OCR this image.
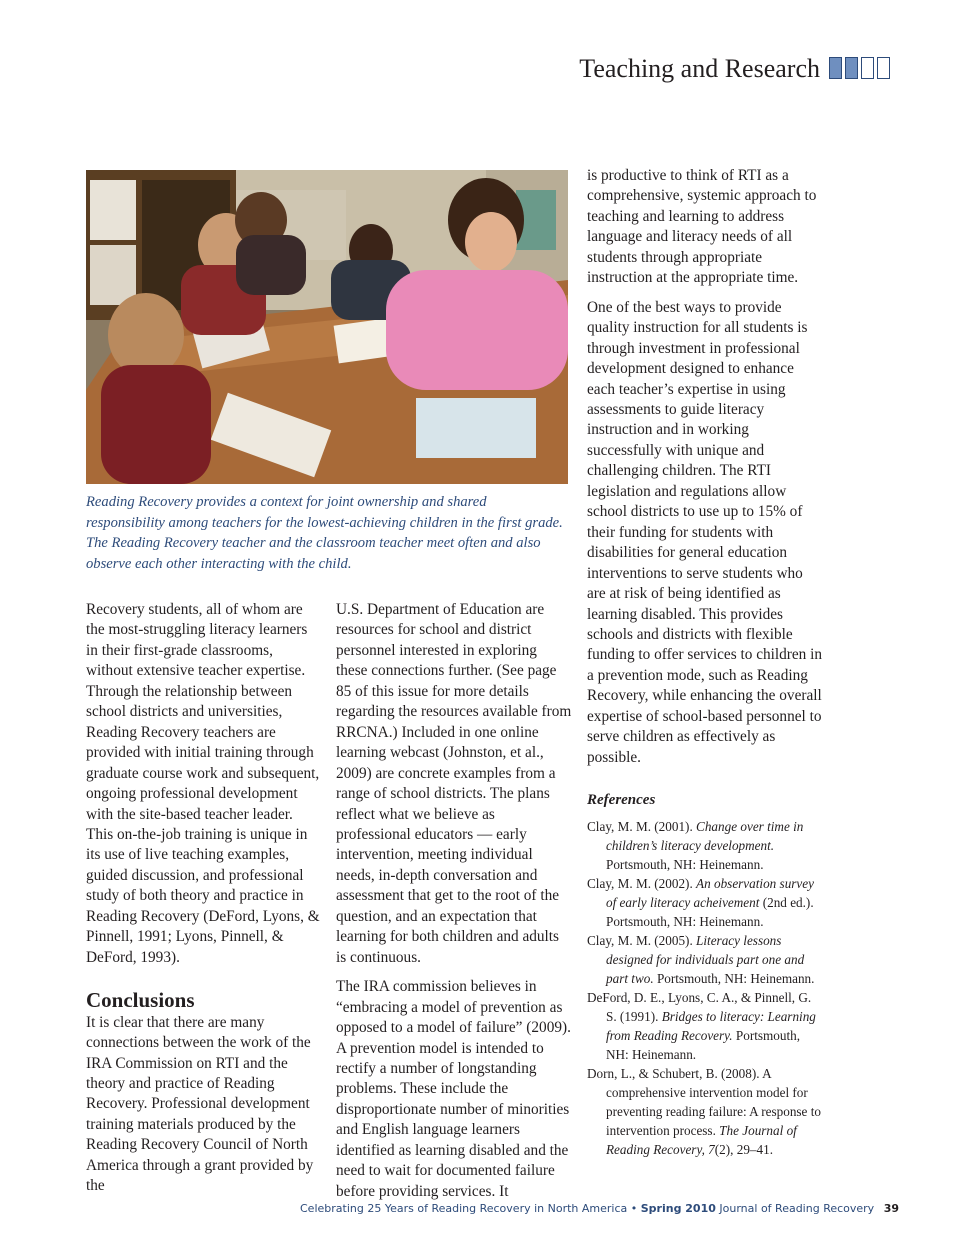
Teaching and Research
Reading Recovery provides a context for joint ownership and shared responsibility among teachers for the lowest-achieving children in the first grade. The Reading Recovery teacher and the classroom teacher meet often and also observe each other interacting with the child.

Recovery students, all of whom are the most-struggling literacy learners in their first-grade classrooms, without extensive teacher expertise. Through the relationship between school districts and universities, Reading Recovery teachers are provided with initial training through graduate course work and subsequent, ongoing professional development with the site-based teacher leader. This on-the-job training is unique in its use of live teaching examples, guided discussion, and professional study of both theory and practice in Reading Recovery (DeFord, Lyons, & Pinnell, 1991; Lyons, Pinnell, & DeFord, 1993).

Conclusions

It is clear that there are many connections between the work of the IRA Commission on RTI and the theory and practice of Reading Recovery. Professional development training materials produced by the Reading Recovery Council of North America through a grant provided by the

U.S. Department of Education are resources for school and district personnel interested in exploring these connections further. (See page 85 of this issue for more details regarding the resources available from RRCNA.) Included in one online learning webcast (Johnston, et al., 2009) are concrete examples from a range of school districts. The plans reflect what we believe as professional educators — early intervention, meeting individual needs, in-depth conversation and assessment that get to the root of the question, and an expectation that learning for both children and adults is continuous.

The IRA commission believes in “embracing a model of prevention as opposed to a model of failure” (2009). A prevention model is intended to rectify a number of longstanding problems. These include the disproportionate number of minorities and English language learners identified as learning disabled and the need to wait for documented failure before providing services. It

is productive to think of RTI as a comprehensive, systemic approach to teaching and learning to address language and literacy needs of all students through appropriate instruction at the appropriate time.

One of the best ways to provide quality instruction for all students is through investment in professional development designed to enhance each teacher’s expertise in using assessments to guide literacy instruction and in working successfully with unique and challenging children. The RTI legislation and regulations allow school districts to use up to 15% of their funding for students with disabilities for general education interventions to serve students who are at risk of being identified as learning disabled. This provides schools and districts with flexible funding to offer services to children in a prevention mode, such as Reading Recovery, while enhancing the overall expertise of school-based personnel to serve children as effectively as possible.

References

Clay, M. M. (2001). Change over time in children’s literacy development. Portsmouth, NH: Heinemann.

Clay, M. M. (2002). An observation survey of early literacy acheivement (2nd ed.). Portsmouth, NH: Heinemann.

Clay, M. M. (2005). Literacy lessons designed for individuals part one and part two. Portsmouth, NH: Heinemann.

DeFord, D. E., Lyons, C. A., & Pinnell, G. S. (1991). Bridges to literacy: Learning from Reading Recovery. Portsmouth, NH: Heinemann.

Dorn, L., & Schubert, B. (2008). A comprehensive intervention model for preventing reading failure: A response to intervention process. The Journal of Reading Recovery, 7(2), 29–41.

Celebrating 25 Years of Reading Recovery in North America • Spring 2010 Journal of Reading Recovery 39
